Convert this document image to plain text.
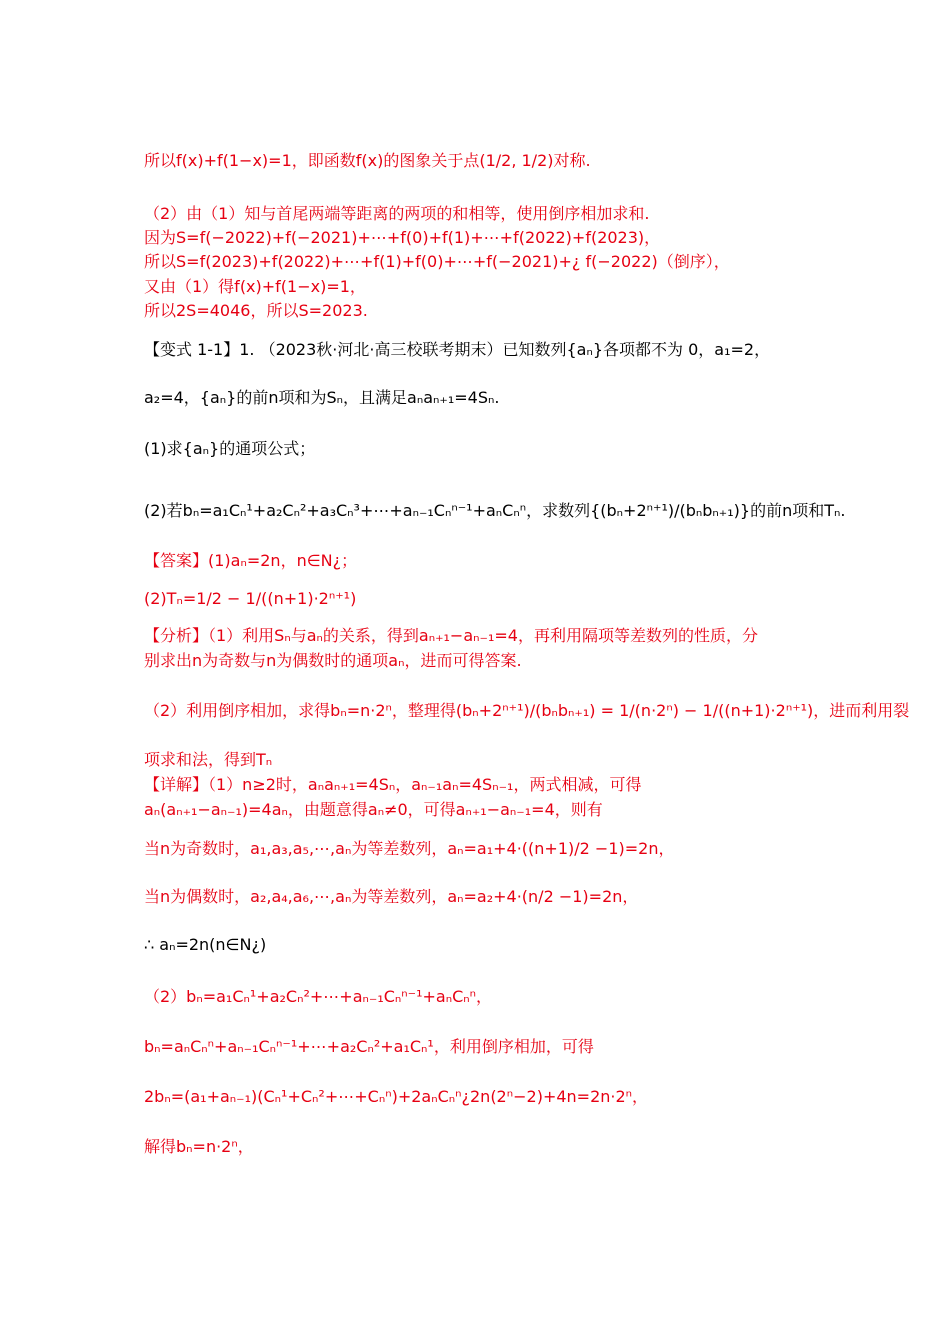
所以f(x)+f(1−x)=1，即函数f(x)的图象关于点(1/2, 1/2)对称.
（2）由（1）知与首尾两端等距离的两项的和相等，使用倒序相加求和.
因为S=f(−2022)+f(−2021)+⋯+f(0)+f(1)+⋯+f(2022)+f(2023)，
所以S=f(2023)+f(2022)+⋯+f(1)+f(0)+⋯+f(−2021)+¿ f(−2022)（倒序），
又由（1）得f(x)+f(1−x)=1，
所以2S=4046，所以S=2023.
【变式 1-1】1. （2023秋·河北·高三校联考期末）已知数列{aₙ}各项都不为 0，a₁=2，
a₂=4，{aₙ}的前n项和为Sₙ，且满足aₙaₙ₊₁=4Sₙ.
(1)求{aₙ}的通项公式；
(2)若bₙ=a₁Cₙ¹+a₂Cₙ²+a₃Cₙ³+⋯+aₙ₋₁Cₙⁿ⁻¹+aₙCₙⁿ，求数列{(bₙ+2ⁿ⁺¹)/(bₙbₙ₊₁)}的前n项和Tₙ.
【答案】(1)aₙ=2n，n∈N¿；
(2)Tₙ=1/2 − 1/((n+1)·2ⁿ⁺¹)
【分析】（1）利用Sₙ与aₙ的关系，得到aₙ₊₁−aₙ₋₁=4，再利用隔项等差数列的性质，分
别求出n为奇数与n为偶数时的通项aₙ，进而可得答案.
（2）利用倒序相加，求得bₙ=n·2ⁿ，整理得(bₙ+2ⁿ⁺¹)/(bₙbₙ₊₁) = 1/(n·2ⁿ) − 1/((n+1)·2ⁿ⁺¹)，进而利用裂
项求和法，得到Tₙ
【详解】（1）n≥2时，aₙaₙ₊₁=4Sₙ，aₙ₋₁aₙ=4Sₙ₋₁，两式相减，可得
aₙ(aₙ₊₁−aₙ₋₁)=4aₙ，由题意得aₙ≠0，可得aₙ₊₁−aₙ₋₁=4，则有
当n为奇数时，a₁,a₃,a₅,⋯,aₙ为等差数列，aₙ=a₁+4·((n+1)/2 −1)=2n，
当n为偶数时，a₂,a₄,a₆,⋯,aₙ为等差数列，aₙ=a₂+4·(n/2 −1)=2n，
∴ aₙ=2n(n∈N¿)
（2）bₙ=a₁Cₙ¹+a₂Cₙ²+⋯+aₙ₋₁Cₙⁿ⁻¹+aₙCₙⁿ，
bₙ=aₙCₙⁿ+aₙ₋₁Cₙⁿ⁻¹+⋯+a₂Cₙ²+a₁Cₙ¹，利用倒序相加，可得
2bₙ=(a₁+aₙ₋₁)(Cₙ¹+Cₙ²+⋯+Cₙⁿ)+2aₙCₙⁿ¿2n(2ⁿ−2)+4n=2n·2ⁿ，
解得bₙ=n·2ⁿ，
